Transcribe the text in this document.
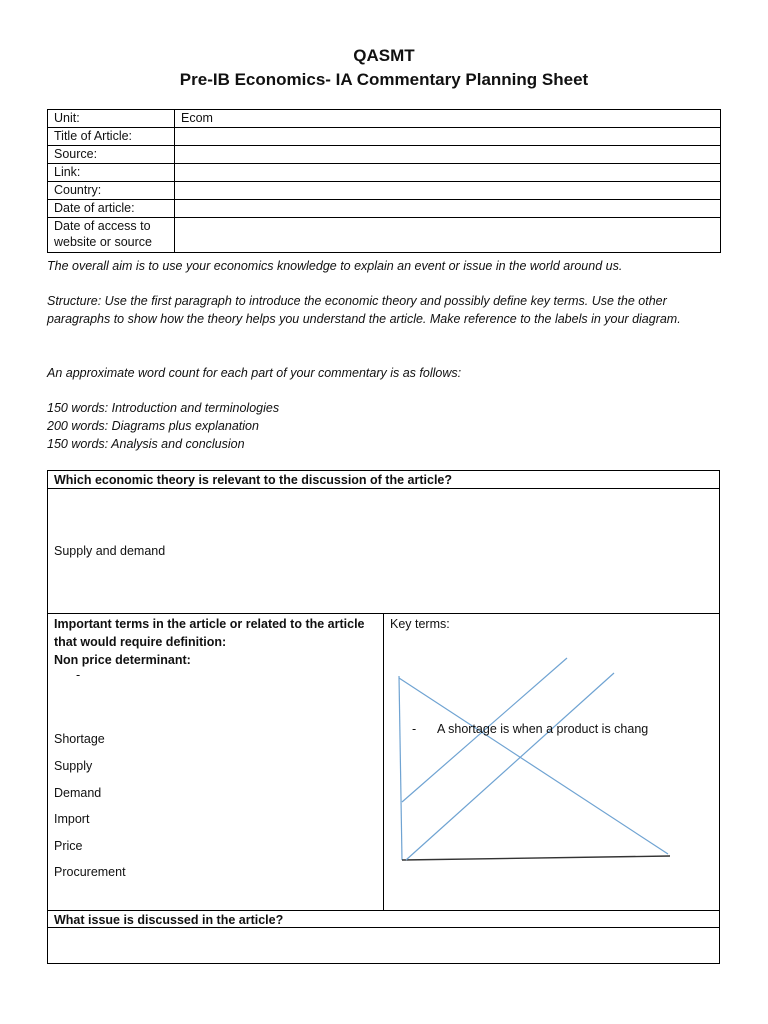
QASMT
Pre-IB Economics- IA Commentary Planning Sheet
Unit:	Ecom
Title of Article:	
Source:	
Link:	
Country:	
Date of article:	
Date of access to website or source	

The overall aim is to use your economics knowledge to explain an event or issue in the world around us.

Structure: Use the first paragraph to introduce the economic theory and possibly define key terms. Use the other paragraphs to show how the theory helps you understand the article. Make reference to the labels in your diagram.

An approximate word count for each part of your commentary is as follows:

150 words: Introduction and terminologies

200 words: Diagrams plus explanation

150 words: Analysis and conclusion

Which economic theory is relevant to the discussion of the article?
Supply and demand
Important terms in the article or related to the article that would require definition:
Non price determinant:
-
Shortage
Supply
Demand
Import
Price
Procurement
Key terms:
- A shortage is when a product is chang
What issue is discussed in the article?
